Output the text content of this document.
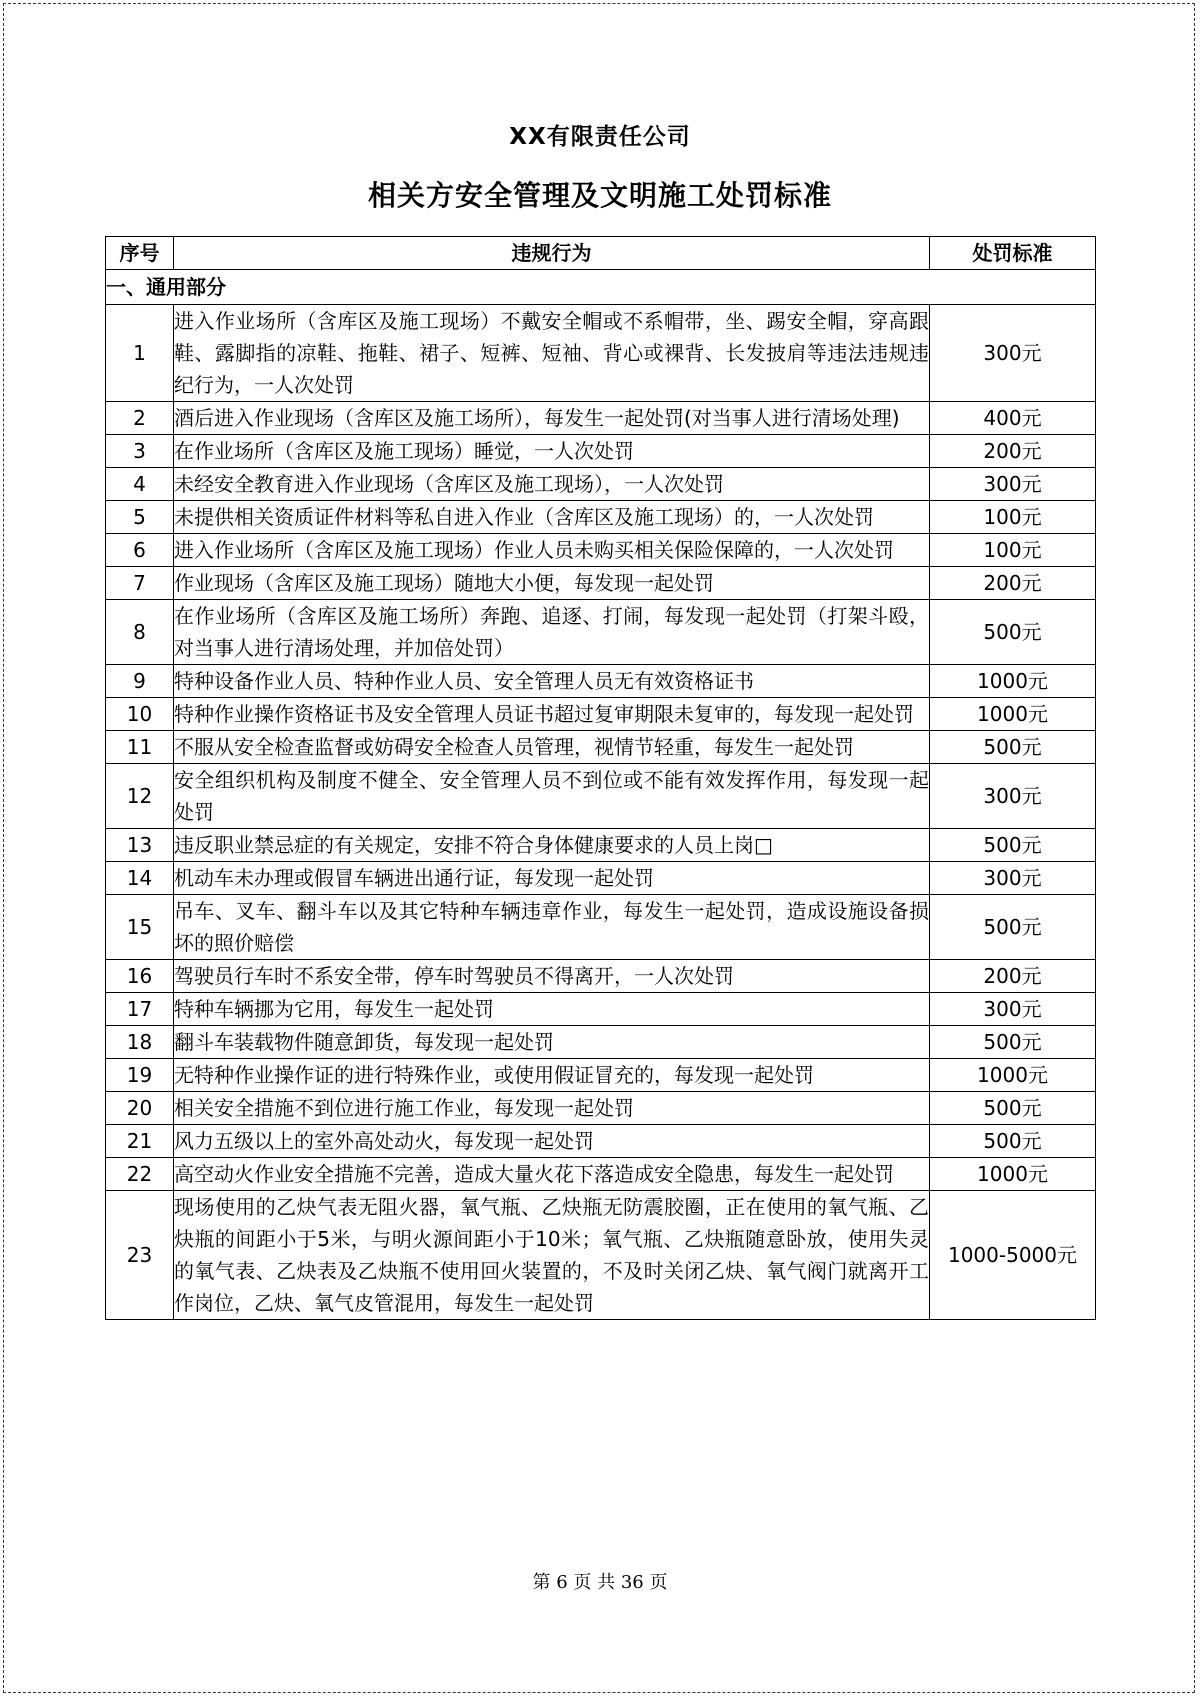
XX有限责任公司
相关方安全管理及文明施工处罚标准
序号	违规行为	处罚标准
一、通用部分		
1	进入作业场所（含库区及施工现场）不戴安全帽或不系帽带，坐、踢安全帽，穿高跟鞋、露脚指的凉鞋、拖鞋、裙子、短裤、短袖、背心或裸背、长发披肩等违法违规违纪行为，一人次处罚	300元
2	酒后进入作业现场（含库区及施工场所），每发生一起处罚(对当事人进行清场处理)	400元
3	在作业场所（含库区及施工现场）睡觉，一人次处罚	200元
4	未经安全教育进入作业现场（含库区及施工现场），一人次处罚	300元
5	未提供相关资质证件材料等私自进入作业（含库区及施工现场）的，一人次处罚	100元
6	进入作业场所（含库区及施工现场）作业人员未购买相关保险保障的，一人次处罚	100元
7	作业现场（含库区及施工现场）随地大小便，每发现一起处罚	200元
8	在作业场所（含库区及施工场所）奔跑、追逐、打闹，每发现一起处罚（打架斗殴，对当事人进行清场处理，并加倍处罚）	500元
9	特种设备作业人员、特种作业人员、安全管理人员无有效资格证书	1000元
10	特种作业操作资格证书及安全管理人员证书超过复审期限未复审的，每发现一起处罚	1000元
11	不服从安全检查监督或妨碍安全检查人员管理，视情节轻重，每发生一起处罚	500元
12	安全组织机构及制度不健全、安全管理人员不到位或不能有效发挥作用，每发现一起处罚	300元
13	违反职业禁忌症的有关规定，安排不符合身体健康要求的人员上岗□	500元
14	机动车未办理或假冒车辆进出通行证，每发现一起处罚	300元
15	吊车、叉车、翻斗车以及其它特种车辆违章作业，每发生一起处罚，造成设施设备损坏的照价赔偿	500元
16	驾驶员行车时不系安全带，停车时驾驶员不得离开，一人次处罚	200元
17	特种车辆挪为它用，每发生一起处罚	300元
18	翻斗车装载物件随意卸货，每发现一起处罚	500元
19	无特种作业操作证的进行特殊作业，或使用假证冒充的，每发现一起处罚	1000元
20	相关安全措施不到位进行施工作业，每发现一起处罚	500元
21	风力五级以上的室外高处动火，每发现一起处罚	500元
22	高空动火作业安全措施不完善，造成大量火花下落造成安全隐患，每发生一起处罚	1000元
23	现场使用的乙炔气表无阻火器，氧气瓶、乙炔瓶无防震胶圈，正在使用的氧气瓶、乙炔瓶的间距小于5米，与明火源间距小于10米；氧气瓶、乙炔瓶随意卧放，使用失灵的氧气表、乙炔表及乙炔瓶不使用回火装置的，不及时关闭乙炔、氧气阀门就离开工作岗位，乙炔、氧气皮管混用，每发生一起处罚	1000-5000元
第 6 页 共 36 页
